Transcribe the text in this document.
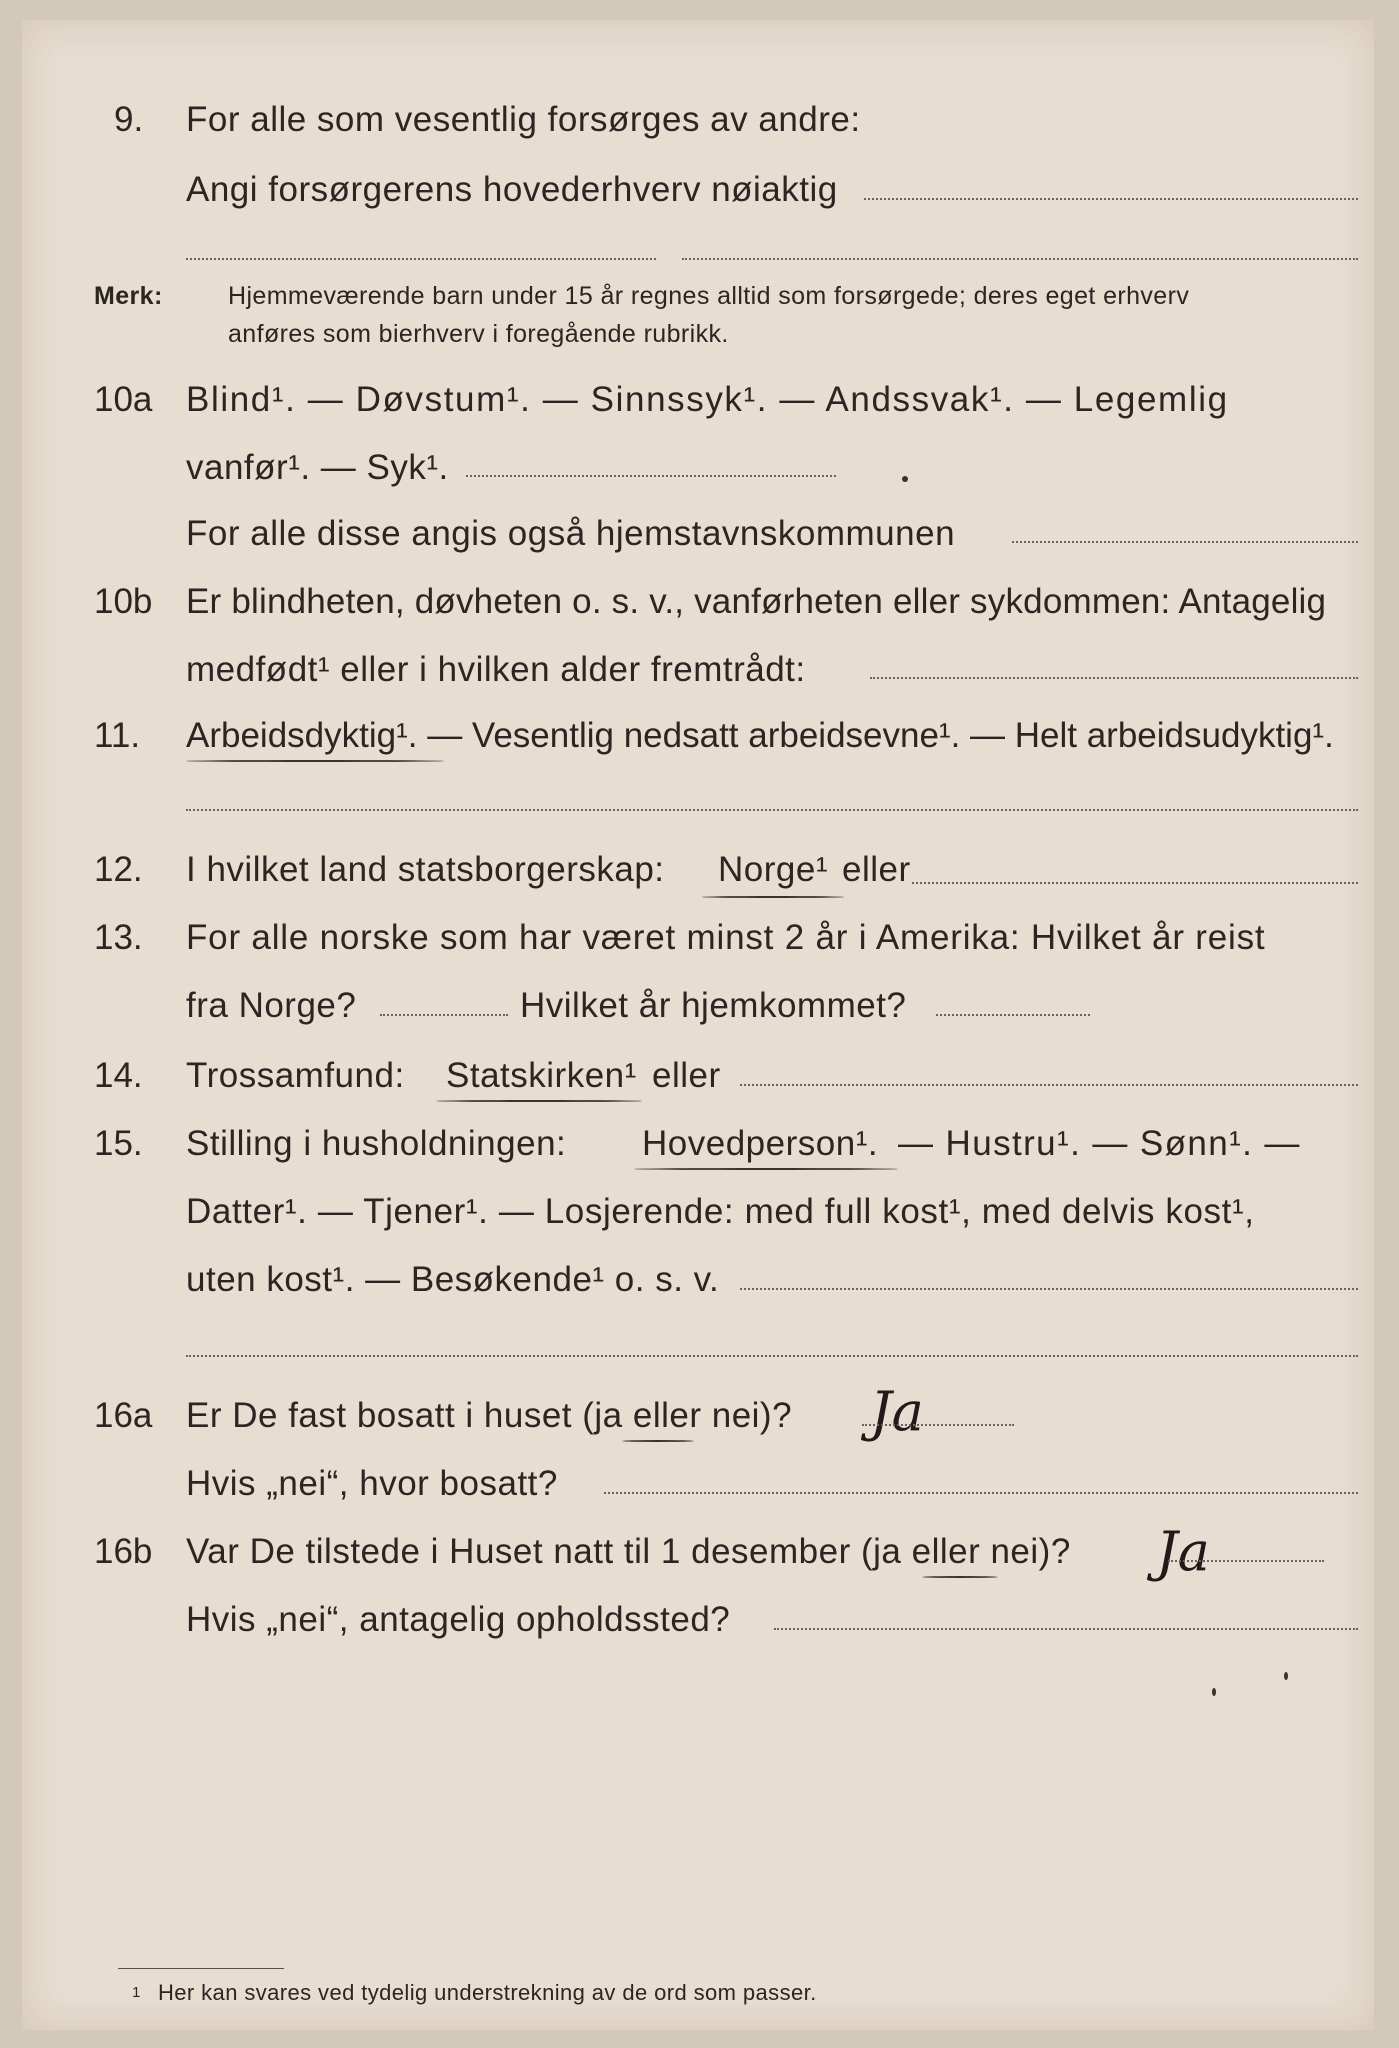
9. For alle som vesentlig forsørges av andre:
Angi forsørgerens hovederhverv nøiaktig
Merk:	Hjemmeværende barn under 15 år regnes alltid som forsørgede; deres eget erhverv
anføres som bierhverv i foregående rubrikk.
10a Blind¹. — Døvstum¹. — Sinnssyk¹. — Andssvak¹. — Legemlig
vanfør¹. — Syk¹.
For alle disse angis også hjemstavnskommunen
10b Er blindheten, døvheten o. s. v., vanførheten eller sykdommen: Antagelig
medfødt¹ eller i hvilken alder fremtrådt:
11. Arbeidsdyktig¹. — Vesentlig nedsatt arbeidsevne¹. — Helt arbeidsudyktig¹.
12. I hvilket land statsborgerskap: Norge¹ eller
13. For alle norske som har været minst 2 år i Amerika: Hvilket år reist
fra Norge?	Hvilket år hjemkommet?
14. Trossamfund: Statskirken¹ eller
15. Stilling i husholdningen: Hovedperson¹. — Hustru¹. — Sønn¹. —
Datter¹. — Tjener¹. — Losjerende: med full kost¹, med delvis kost¹,
uten kost¹. — Besøkende¹ o. s. v.
16a Er De fast bosatt i huset (ja eller nei)? Ja
Hvis „nei“, hvor bosatt?
16b Var De tilstede i Huset natt til 1 desember (ja eller nei)? Ja
Hvis „nei“, antagelig opholdssted?
1 Her kan svares ved tydelig understrekning av de ord som passer.
